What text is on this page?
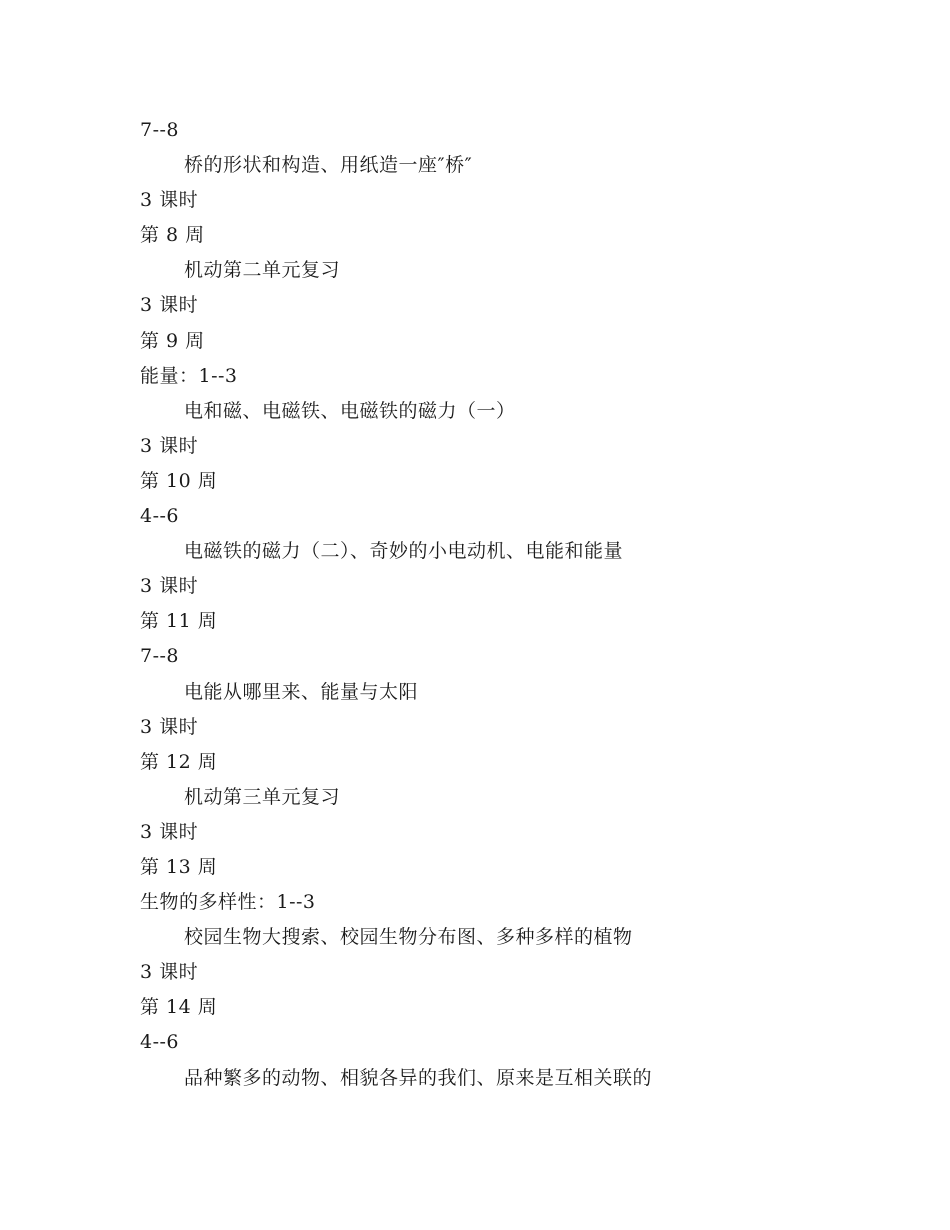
7--8
桥的形状和构造、用纸造一座″桥″
3 课时
第 8 周
机动第二单元复习
3 课时
第 9 周
能量：1--3
电和磁、电磁铁、电磁铁的磁力（一）
3 课时
第 10 周
4--6
电磁铁的磁力（二）、奇妙的小电动机、电能和能量
3 课时
第 11 周
7--8
电能从哪里来、能量与太阳
3 课时
第 12 周
机动第三单元复习
3 课时
第 13 周
生物的多样性：1--3
校园生物大搜索、校园生物分布图、多种多样的植物
3 课时
第 14 周
4--6
品种繁多的动物、相貌各异的我们、原来是互相关联的
